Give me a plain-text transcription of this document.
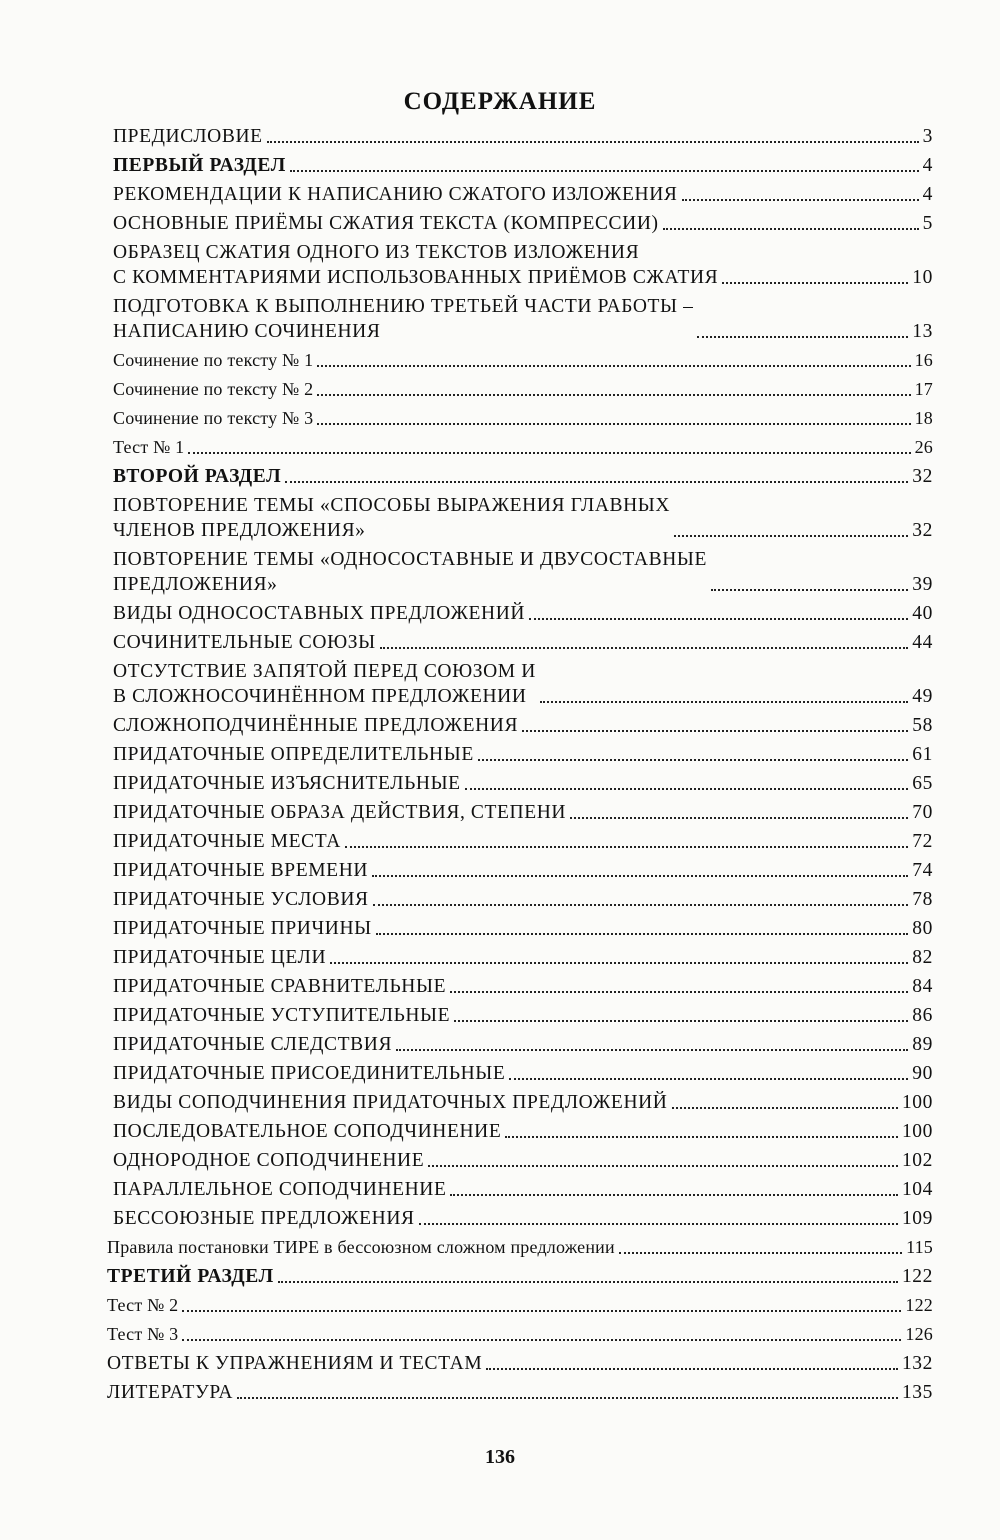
СОДЕРЖАНИЕ
ПРЕДИСЛОВИЕ	3
ПЕРВЫЙ РАЗДЕЛ	4
РЕКОМЕНДАЦИИ К НАПИСАНИЮ СЖАТОГО ИЗЛОЖЕНИЯ	4
ОСНОВНЫЕ ПРИЁМЫ СЖАТИЯ ТЕКСТА (КОМПРЕССИИ)	5
ОБРАЗЕЦ СЖАТИЯ ОДНОГО ИЗ ТЕКСТОВ ИЗЛОЖЕНИЯ
С КОММЕНТАРИЯМИ ИСПОЛЬЗОВАННЫХ ПРИЁМОВ СЖАТИЯ	10
ПОДГОТОВКА К ВЫПОЛНЕНИЮ ТРЕТЬЕЙ ЧАСТИ РАБОТЫ –
НАПИСАНИЮ СОЧИНЕНИЯ	13
Сочинение по тексту № 1	16
Сочинение по тексту № 2	17
Сочинение по тексту № 3	18
Тест № 1	26
ВТОРОЙ РАЗДЕЛ	32
ПОВТОРЕНИЕ ТЕМЫ «СПОСОБЫ ВЫРАЖЕНИЯ ГЛАВНЫХ
ЧЛЕНОВ ПРЕДЛОЖЕНИЯ»	32
ПОВТОРЕНИЕ ТЕМЫ «ОДНОСОСТАВНЫЕ И ДВУСОСТАВНЫЕ
ПРЕДЛОЖЕНИЯ»	39
ВИДЫ ОДНОСОСТАВНЫХ ПРЕДЛОЖЕНИЙ	40
СОЧИНИТЕЛЬНЫЕ СОЮЗЫ	44
ОТСУТСТВИЕ ЗАПЯТОЙ ПЕРЕД СОЮЗОМ И
В СЛОЖНОСОЧИНЁННОМ ПРЕДЛОЖЕНИИ	49
СЛОЖНОПОДЧИНЁННЫЕ ПРЕДЛОЖЕНИЯ	58
ПРИДАТОЧНЫЕ ОПРЕДЕЛИТЕЛЬНЫЕ	61
ПРИДАТОЧНЫЕ ИЗЪЯСНИТЕЛЬНЫЕ	65
ПРИДАТОЧНЫЕ ОБРАЗА ДЕЙСТВИЯ, СТЕПЕНИ	70
ПРИДАТОЧНЫЕ МЕСТА	72
ПРИДАТОЧНЫЕ ВРЕМЕНИ	74
ПРИДАТОЧНЫЕ УСЛОВИЯ	78
ПРИДАТОЧНЫЕ ПРИЧИНЫ	80
ПРИДАТОЧНЫЕ ЦЕЛИ	82
ПРИДАТОЧНЫЕ СРАВНИТЕЛЬНЫЕ	84
ПРИДАТОЧНЫЕ УСТУПИТЕЛЬНЫЕ	86
ПРИДАТОЧНЫЕ СЛЕДСТВИЯ	89
ПРИДАТОЧНЫЕ ПРИСОЕДИНИТЕЛЬНЫЕ	90
ВИДЫ СОПОДЧИНЕНИЯ ПРИДАТОЧНЫХ ПРЕДЛОЖЕНИЙ	100
ПОСЛЕДОВАТЕЛЬНОЕ СОПОДЧИНЕНИЕ	100
ОДНОРОДНОЕ СОПОДЧИНЕНИЕ	102
ПАРАЛЛЕЛЬНОЕ СОПОДЧИНЕНИЕ	104
БЕССОЮЗНЫЕ ПРЕДЛОЖЕНИЯ	109
Правила постановки ТИРЕ в бессоюзном сложном предложении	115
ТРЕТИЙ РАЗДЕЛ	122
Тест № 2	122
Тест № 3	126
ОТВЕТЫ К УПРАЖНЕНИЯМ И ТЕСТАМ	132
ЛИТЕРАТУРА	135
136
